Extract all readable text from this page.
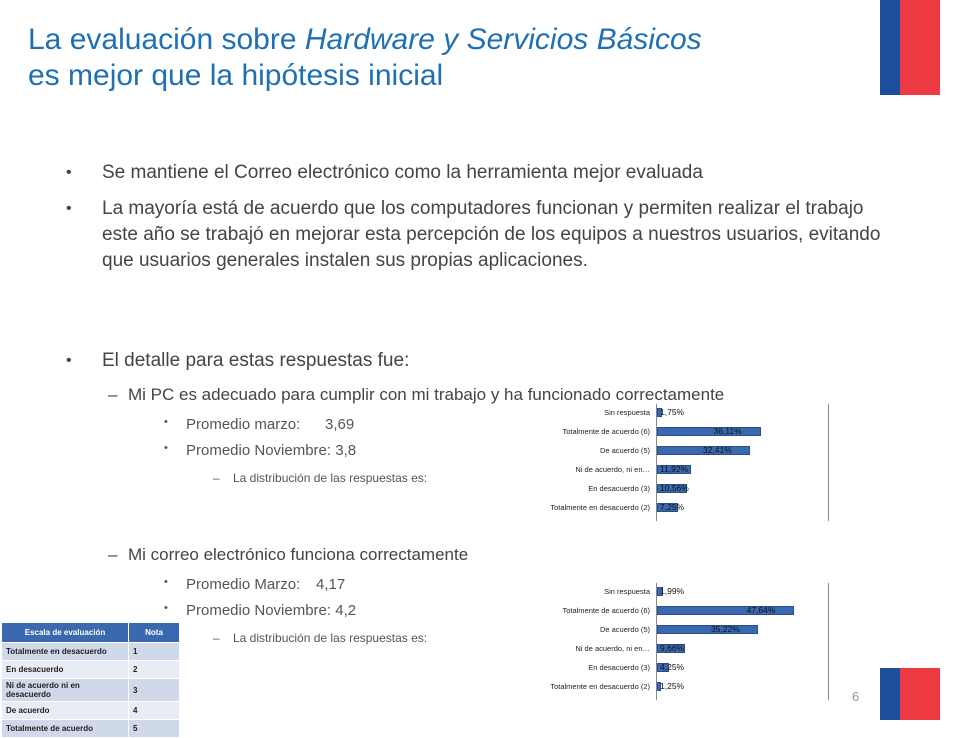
La evaluación sobre Hardware y Servicios Básicos
es mejor que la hipótesis inicial

• Se mantiene el Correo electrónico como la herramienta mejor evaluada

• La mayoría está de acuerdo que los computadores funcionan y permiten realizar el trabajo este año se trabajó en mejorar esta percepción de los equipos a nuestros usuarios, evitando que usuarios generales instalen sus propias aplicaciones.

• El detalle para estas respuestas fue:

– Mi PC es adecuado para cumplir con mi trabajo y ha funcionado correctamente
• Promedio marzo: 3,69
• Promedio Noviembre: 3,8
– La distribución de las respuestas es:
Sin respuesta 1,75%
Totalmente de acuerdo (6)	36,11%
De acuerdo (5)	32,41%
Ni de acuerdo, ni en… 11,92%
En desacuerdo (3) 10,56%
Totalmente en desacuerdo (2) 7,25%
– Mi correo electrónico funciona correctamente
• Promedio Marzo: 4,17
• Promedio Noviembre: 4,2
– La distribución de las respuestas es:
Sin respuesta 1,99%
Totalmente de acuerdo (6)	47,64%
De acuerdo (5)	35,22%
Ni de acuerdo, ni en… 9,66%
En desacuerdo (3) 4,25%
Totalmente en desacuerdo (2) 1,25%
Escala de evaluación	Nota
Totalmente en desacuerdo	1
En desacuerdo	2
Ni de acuerdo ni en desacuerdo	3
De acuerdo	4
Totalmente de acuerdo	5
6
